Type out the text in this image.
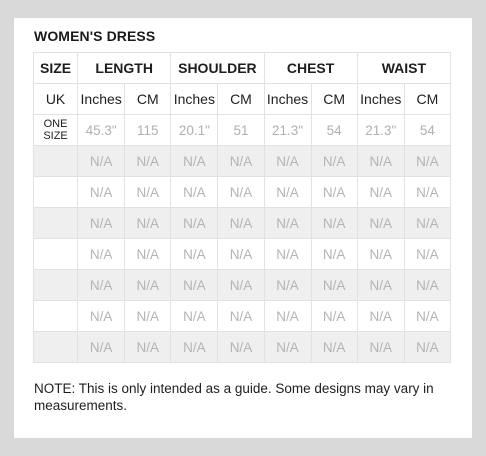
WOMEN'S DRESS
SIZE	LENGTH		SHOULDER		CHEST		WAIST	
UK	Inches	CM	Inches	CM	Inches	CM	Inches	CM
ONE SIZE	45.3"	115	20.1"	51	21.3"	54	21.3"	54
	N/A	N/A	N/A	N/A	N/A	N/A	N/A	N/A
	N/A	N/A	N/A	N/A	N/A	N/A	N/A	N/A
	N/A	N/A	N/A	N/A	N/A	N/A	N/A	N/A
	N/A	N/A	N/A	N/A	N/A	N/A	N/A	N/A
	N/A	N/A	N/A	N/A	N/A	N/A	N/A	N/A
	N/A	N/A	N/A	N/A	N/A	N/A	N/A	N/A
	N/A	N/A	N/A	N/A	N/A	N/A	N/A	N/A
NOTE: This is only intended as a guide. Some designs may vary in measurements.
